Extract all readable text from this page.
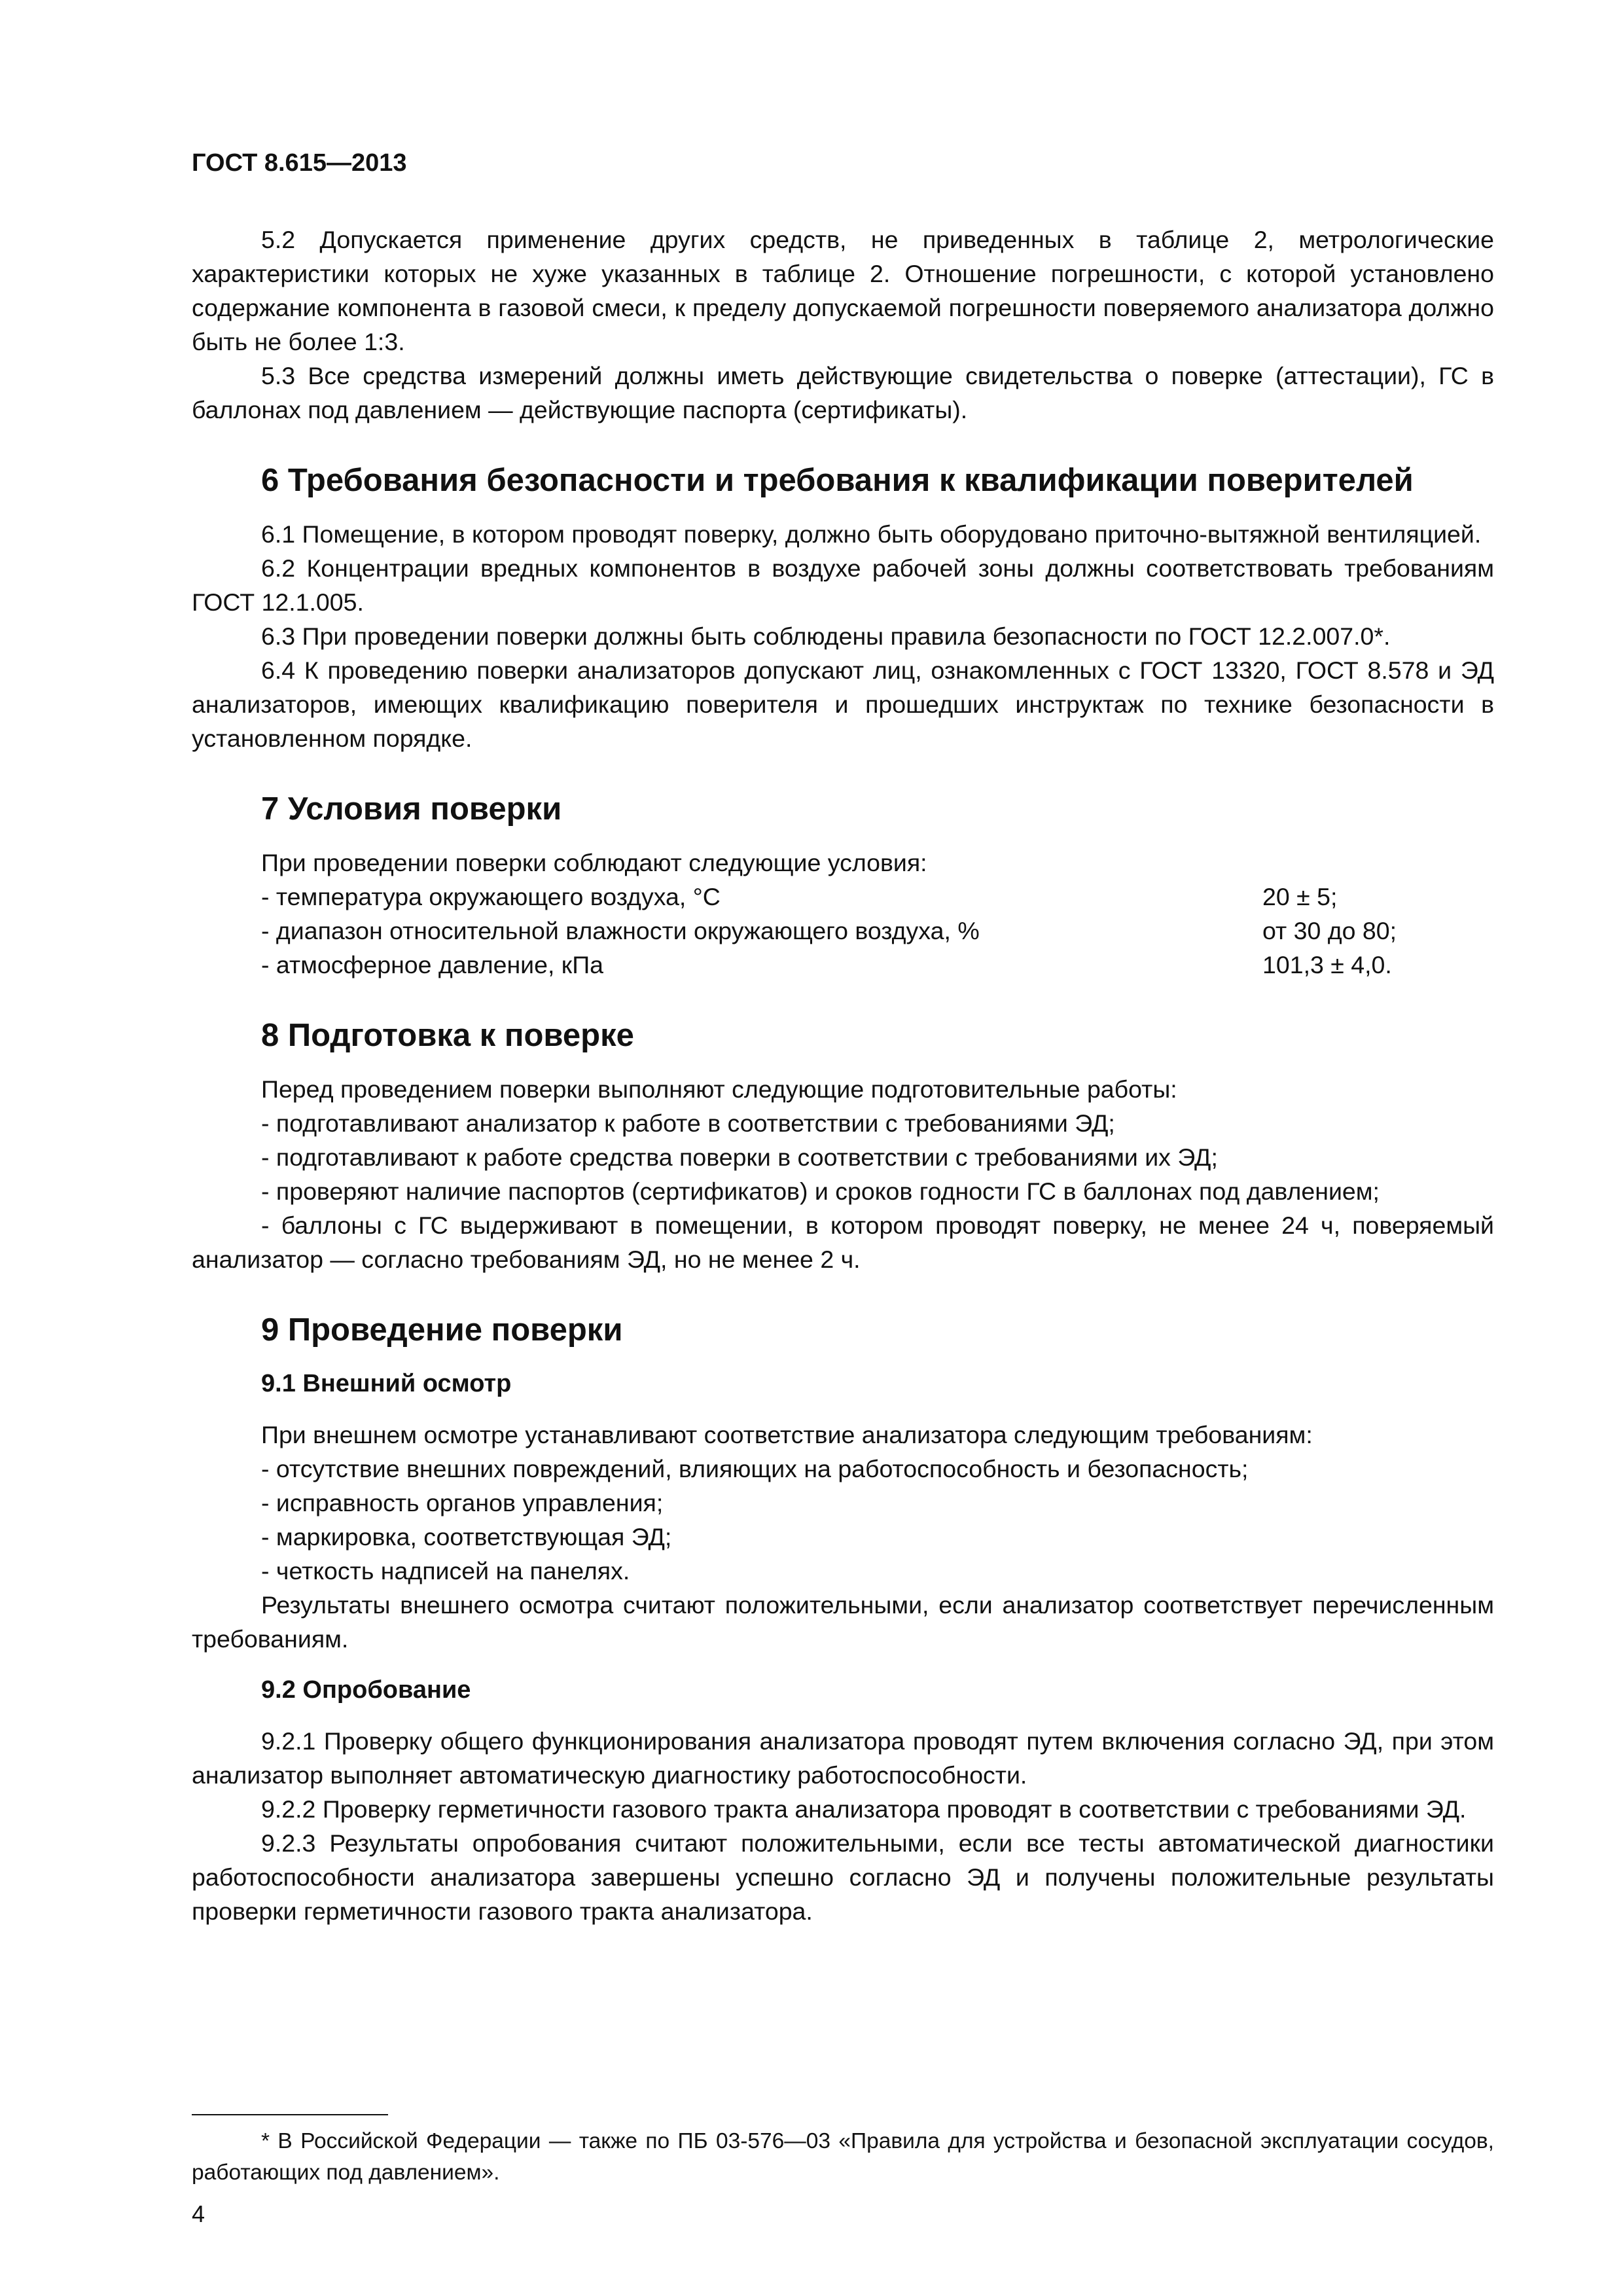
ГОСТ 8.615—2013

5.2 Допускается применение других средств, не приведенных в таблице 2, метрологические характеристики которых не хуже указанных в таблице 2. Отношение погрешности, с которой установлено содержание компонента в газовой смеси, к пределу допускаемой погрешности поверяемого анализатора должно быть не более 1:3.

5.3 Все средства измерений должны иметь действующие свидетельства о поверке (аттестации), ГС в баллонах под давлением — действующие паспорта (сертификаты).

6 Требования безопасности и требования к квалификации поверителей

6.1 Помещение, в котором проводят поверку, должно быть оборудовано приточно-вытяжной вентиляцией.

6.2 Концентрации вредных компонентов в воздухе рабочей зоны должны соответствовать требованиям ГОСТ 12.1.005.

6.3 При проведении поверки должны быть соблюдены правила безопасности по ГОСТ 12.2.007.0*.

6.4 К проведению поверки анализаторов допускают лиц, ознакомленных с ГОСТ 13320, ГОСТ 8.578 и ЭД анализаторов, имеющих квалификацию поверителя и прошедших инструктаж по технике безопасности в установленном порядке.

7 Условия поверки

При проведении поверки соблюдают следующие условия:

- температура окружающего воздуха, °С	20 ± 5;
- диапазон относительной влажности окружающего воздуха, %	от 30 до 80;
- атмосферное давление, кПа	101,3 ± 4,0.
8 Подготовка к поверке

Перед проведением поверки выполняют следующие подготовительные работы:

- подготавливают анализатор к работе в соответствии с требованиями ЭД;

- подготавливают к работе средства поверки в соответствии с требованиями их ЭД;

- проверяют наличие паспортов (сертификатов) и сроков годности ГС в баллонах под давлением;

- баллоны с ГС выдерживают в помещении, в котором проводят поверку, не менее 24 ч, поверяемый анализатор — согласно требованиям ЭД, но не менее 2 ч.

9 Проведение поверки
9.1 Внешний осмотр

При внешнем осмотре устанавливают соответствие анализатора следующим требованиям:

- отсутствие внешних повреждений, влияющих на работоспособность и безопасность;

- исправность органов управления;

- маркировка, соответствующая ЭД;

- четкость надписей на панелях.

Результаты внешнего осмотра считают положительными, если анализатор соответствует перечисленным требованиям.

9.2 Опробование

9.2.1 Проверку общего функционирования анализатора проводят путем включения согласно ЭД, при этом анализатор выполняет автоматическую диагностику работоспособности.

9.2.2 Проверку герметичности газового тракта анализатора проводят в соответствии с требованиями ЭД.

9.2.3 Результаты опробования считают положительными, если все тесты автоматической диагностики работоспособности анализатора завершены успешно согласно ЭД и получены положительные результаты проверки герметичности газового тракта анализатора.

* В Российской Федерации — также по ПБ 03-576—03 «Правила для устройства и безопасной эксплуатации сосудов, работающих под давлением».

4
